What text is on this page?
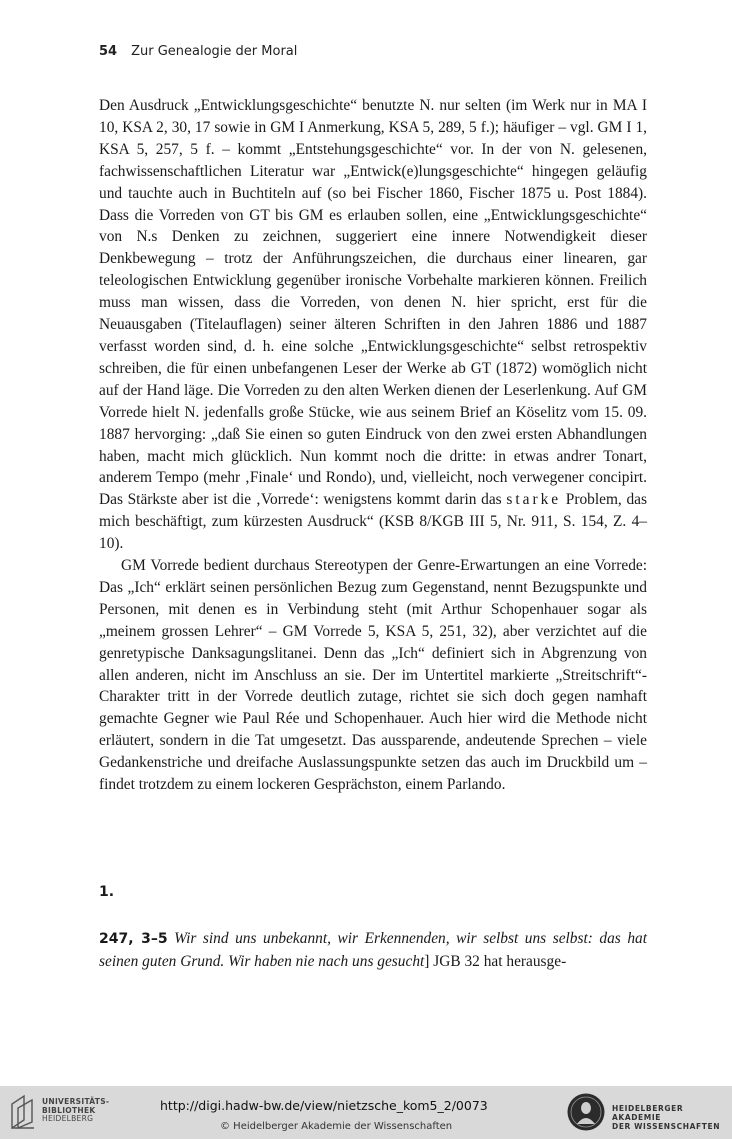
54 Zur Genealogie der Moral

Den Ausdruck „Entwicklungsgeschichte“ benutzte N. nur selten (im Werk nur in MA I 10, KSA 2, 30, 17 sowie in GM I Anmerkung, KSA 5, 289, 5 f.); häufiger – vgl. GM I 1, KSA 5, 257, 5 f. – kommt „Entstehungsgeschichte“ vor. In der von N. gelesenen, fachwissenschaftlichen Literatur war „Entwick(e)lungsgeschichte“ hingegen geläufig und tauchte auch in Buchtiteln auf (so bei Fischer 1860, Fischer 1875 u. Post 1884). Dass die Vorreden von GT bis GM es erlauben sollen, eine „Entwicklungsgeschichte“ von N.s Denken zu zeichnen, suggeriert eine innere Notwendigkeit dieser Denkbewegung – trotz der Anführungszeichen, die durchaus einer linearen, gar teleologischen Entwicklung gegenüber ironische Vorbehalte markieren können. Freilich muss man wissen, dass die Vorreden, von denen N. hier spricht, erst für die Neuausgaben (Titelauflagen) seiner älteren Schriften in den Jahren 1886 und 1887 verfasst worden sind, d. h. eine solche „Entwicklungsgeschichte“ selbst retrospektiv schreiben, die für einen unbefangenen Leser der Werke ab GT (1872) womöglich nicht auf der Hand läge. Die Vorreden zu den alten Werken dienen der Leserlenkung. Auf GM Vorrede hielt N. jedenfalls große Stücke, wie aus seinem Brief an Köselitz vom 15. 09. 1887 hervorging: „daß Sie einen so guten Eindruck von den zwei ersten Abhandlungen haben, macht mich glücklich. Nun kommt noch die dritte: in etwas andrer Tonart, anderem Tempo (mehr ‚Finale‘ und Rondo), und, vielleicht, noch verwegener concipirt. Das Stärkste aber ist die ‚Vorrede‘: wenigstens kommt darin das starke Problem, das mich beschäftigt, zum kürzesten Ausdruck“ (KSB 8/KGB III 5, Nr. 911, S. 154, Z. 4–10).

GM Vorrede bedient durchaus Stereotypen der Genre-Erwartungen an eine Vorrede: Das „Ich“ erklärt seinen persönlichen Bezug zum Gegenstand, nennt Bezugspunkte und Personen, mit denen es in Verbindung steht (mit Arthur Schopenhauer sogar als „meinem grossen Lehrer“ – GM Vorrede 5, KSA 5, 251, 32), aber verzichtet auf die genretypische Danksagungslitanei. Denn das „Ich“ definiert sich in Abgrenzung von allen anderen, nicht im Anschluss an sie. Der im Untertitel markierte „Streitschrift“-Charakter tritt in der Vorrede deutlich zutage, richtet sie sich doch gegen namhaft gemachte Gegner wie Paul Rée und Schopenhauer. Auch hier wird die Methode nicht erläutert, sondern in die Tat umgesetzt. Das aussparende, andeutende Sprechen – viele Gedankenstriche und dreifache Auslassungspunkte setzen das auch im Druckbild um – findet trotzdem zu einem lockeren Gesprächston, einem Parlando.

1.
247, 3–5 Wir sind uns unbekannt, wir Erkennenden, wir selbst uns selbst: das hat seinen guten Grund. Wir haben nie nach uns gesucht] JGB 32 hat herausge-
UNIVERSITÄTS-
BIBLIOTHEK
HEIDELBERG
http://digi.hadw-bw.de/view/nietzsche_kom5_2/0073
© Heidelberger Akademie der Wissenschaften
HEIDELBERGER AKADEMIE
DER WISSENSCHAFTEN
